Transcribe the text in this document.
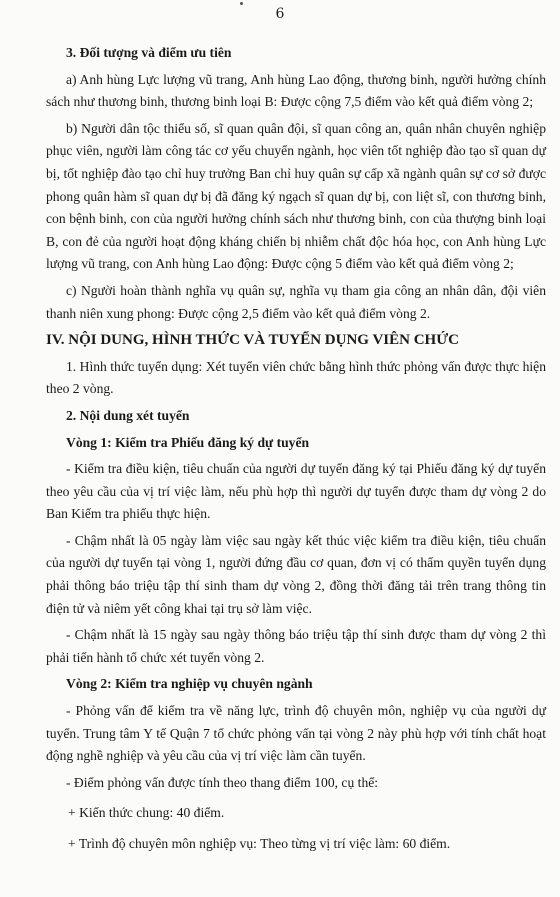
6

3. Đối tượng và điểm ưu tiên

a) Anh hùng Lực lượng vũ trang, Anh hùng Lao động, thương binh, người hưởng chính sách như thương binh, thương binh loại B: Được cộng 7,5 điểm vào kết quả điểm vòng 2;

b) Người dân tộc thiểu số, sĩ quan quân đội, sĩ quan công an, quân nhân chuyên nghiệp phục viên, người làm công tác cơ yếu chuyển ngành, học viên tốt nghiệp đào tạo sĩ quan dự bị, tốt nghiệp đào tạo chỉ huy trưởng Ban chỉ huy quân sự cấp xã ngành quân sự cơ sở được phong quân hàm sĩ quan dự bị đã đăng ký ngạch sĩ quan dự bị, con liệt sĩ, con thương binh, con bệnh binh, con của người hưởng chính sách như thương binh, con của thượng binh loại B, con đẻ của người hoạt động kháng chiến bị nhiễm chất độc hóa học, con Anh hùng Lực lượng vũ trang, con Anh hùng Lao động: Được cộng 5 điểm vào kết quả điểm vòng 2;

c) Người hoàn thành nghĩa vụ quân sự, nghĩa vụ tham gia công an nhân dân, đội viên thanh niên xung phong: Được cộng 2,5 điểm vào kết quả điểm vòng 2.

IV. NỘI DUNG, HÌNH THỨC VÀ TUYỂN DỤNG VIÊN CHỨC

1. Hình thức tuyển dụng: Xét tuyển viên chức bằng hình thức phỏng vấn được thực hiện theo 2 vòng.

2. Nội dung xét tuyển

Vòng 1: Kiểm tra Phiếu đăng ký dự tuyển

- Kiểm tra điều kiện, tiêu chuẩn của người dự tuyển đăng ký tại Phiếu đăng ký dự tuyển theo yêu cầu của vị trí việc làm, nếu phù hợp thì người dự tuyển được tham dự vòng 2 do Ban Kiểm tra phiếu thực hiện.

- Chậm nhất là 05 ngày làm việc sau ngày kết thúc việc kiểm tra điều kiện, tiêu chuẩn của người dự tuyển tại vòng 1, người đứng đầu cơ quan, đơn vị có thẩm quyền tuyển dụng phải thông báo triệu tập thí sinh tham dự vòng 2, đồng thời đăng tải trên trang thông tin điện tử và niêm yết công khai tại trụ sở làm việc.

- Chậm nhất là 15 ngày sau ngày thông báo triệu tập thí sinh được tham dự vòng 2 thì phải tiến hành tổ chức xét tuyển vòng 2.

Vòng 2: Kiểm tra nghiệp vụ chuyên ngành

- Phỏng vấn để kiểm tra về năng lực, trình độ chuyên môn, nghiệp vụ của người dự tuyển. Trung tâm Y tế Quận 7 tổ chức phỏng vấn tại vòng 2 này phù hợp với tính chất hoạt động nghề nghiệp và yêu cầu của vị trí việc làm cần tuyển.

- Điểm phỏng vấn được tính theo thang điểm 100, cụ thể:

+ Kiến thức chung: 40 điểm.

+ Trình độ chuyên môn nghiệp vụ: Theo từng vị trí việc làm: 60 điểm.
